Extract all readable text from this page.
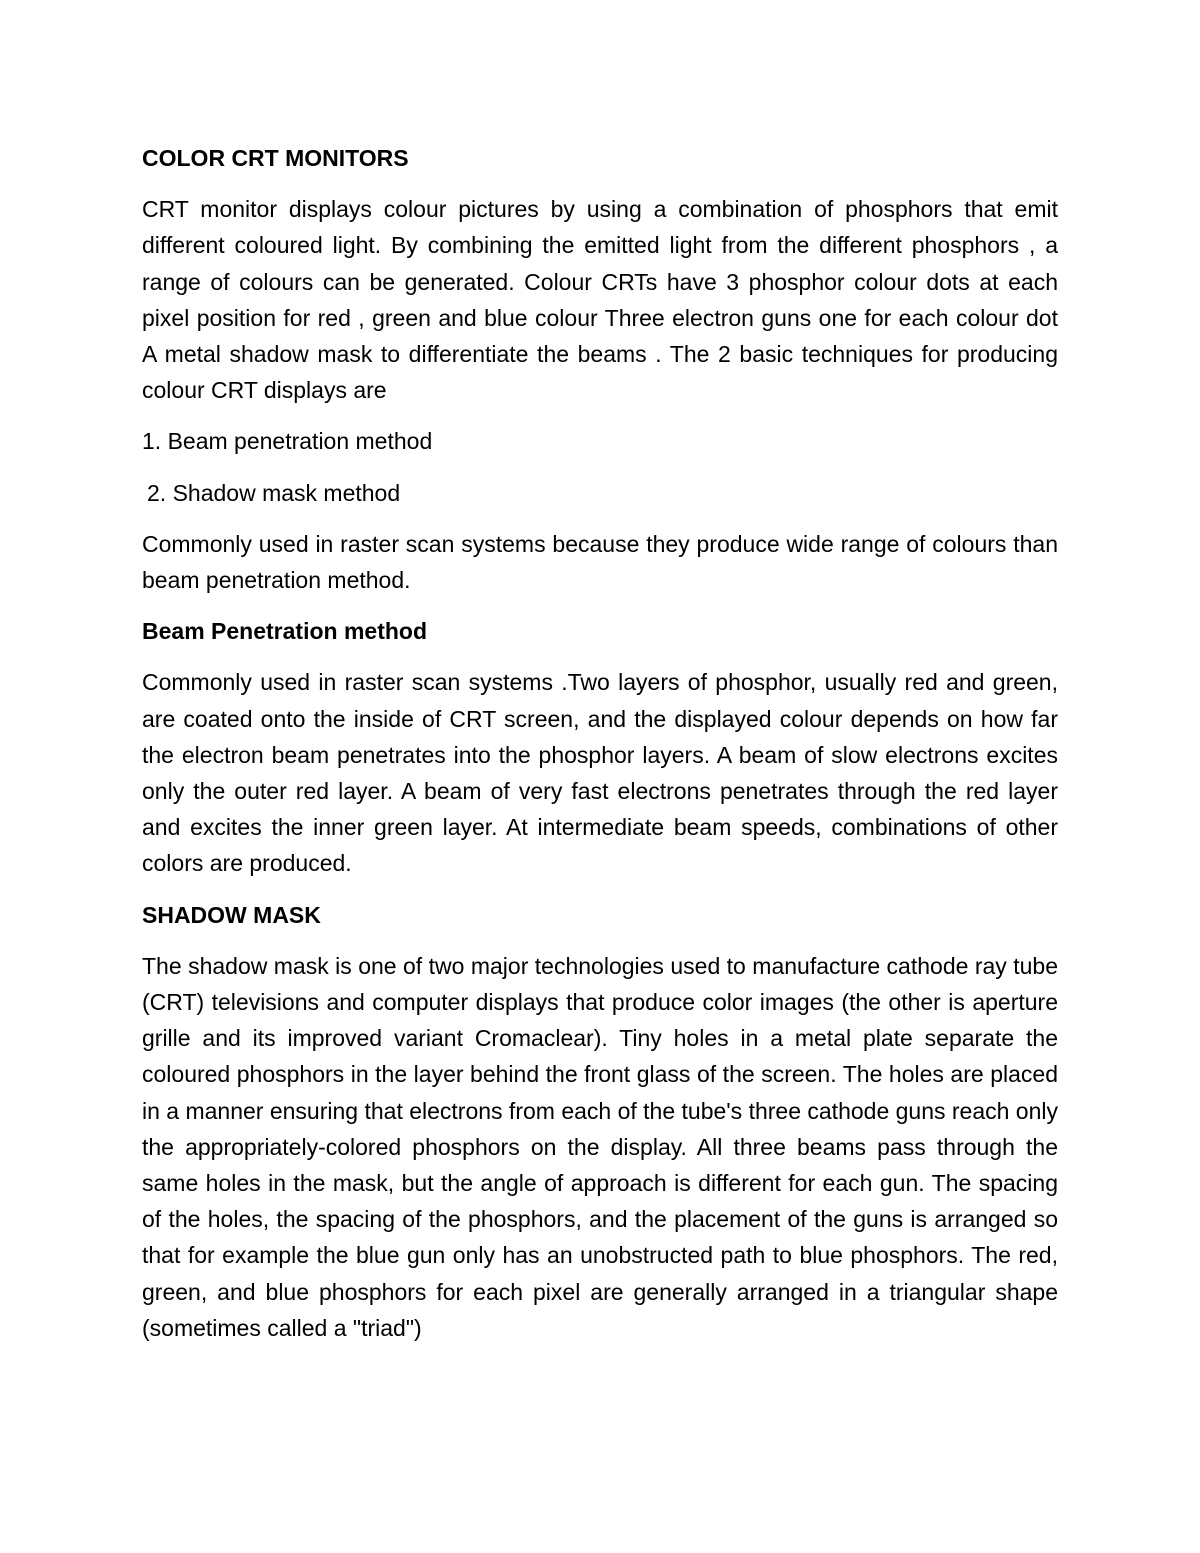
COLOR CRT MONITORS
CRT monitor displays colour pictures by using a combination of phosphors that emit different coloured light. By combining the emitted light from the different phosphors , a range of colours can be generated. Colour CRTs have 3 phosphor colour dots at each pixel position for red , green and blue colour Three electron guns one for each colour dot A metal shadow mask to differentiate the beams . The 2 basic techniques for producing colour CRT displays are
1. Beam penetration method
2. Shadow mask method
Commonly used in raster scan systems because they produce wide range of colours than beam penetration method.
Beam Penetration method
Commonly used in raster scan systems .Two layers of phosphor, usually red and green, are coated onto the inside of CRT screen, and the displayed colour depends on how far the electron beam penetrates into the phosphor layers. A beam of slow electrons excites only the outer red layer. A beam of very fast electrons penetrates through the red layer and excites the inner green layer. At intermediate beam speeds, combinations of other colors are produced.
SHADOW MASK
The shadow mask is one of two major technologies used to manufacture cathode ray tube (CRT) televisions and computer displays that produce color images (the other is aperture grille and its improved variant Cromaclear). Tiny holes in a metal plate separate the coloured phosphors in the layer behind the front glass of the screen. The holes are placed in a manner ensuring that electrons from each of the tube's three cathode guns reach only the appropriately-colored phosphors on the display. All three beams pass through the same holes in the mask, but the angle of approach is different for each gun. The spacing of the holes, the spacing of the phosphors, and the placement of the guns is arranged so that for example the blue gun only has an unobstructed path to blue phosphors. The red, green, and blue phosphors for each pixel are generally arranged in a triangular shape (sometimes called a "triad")
